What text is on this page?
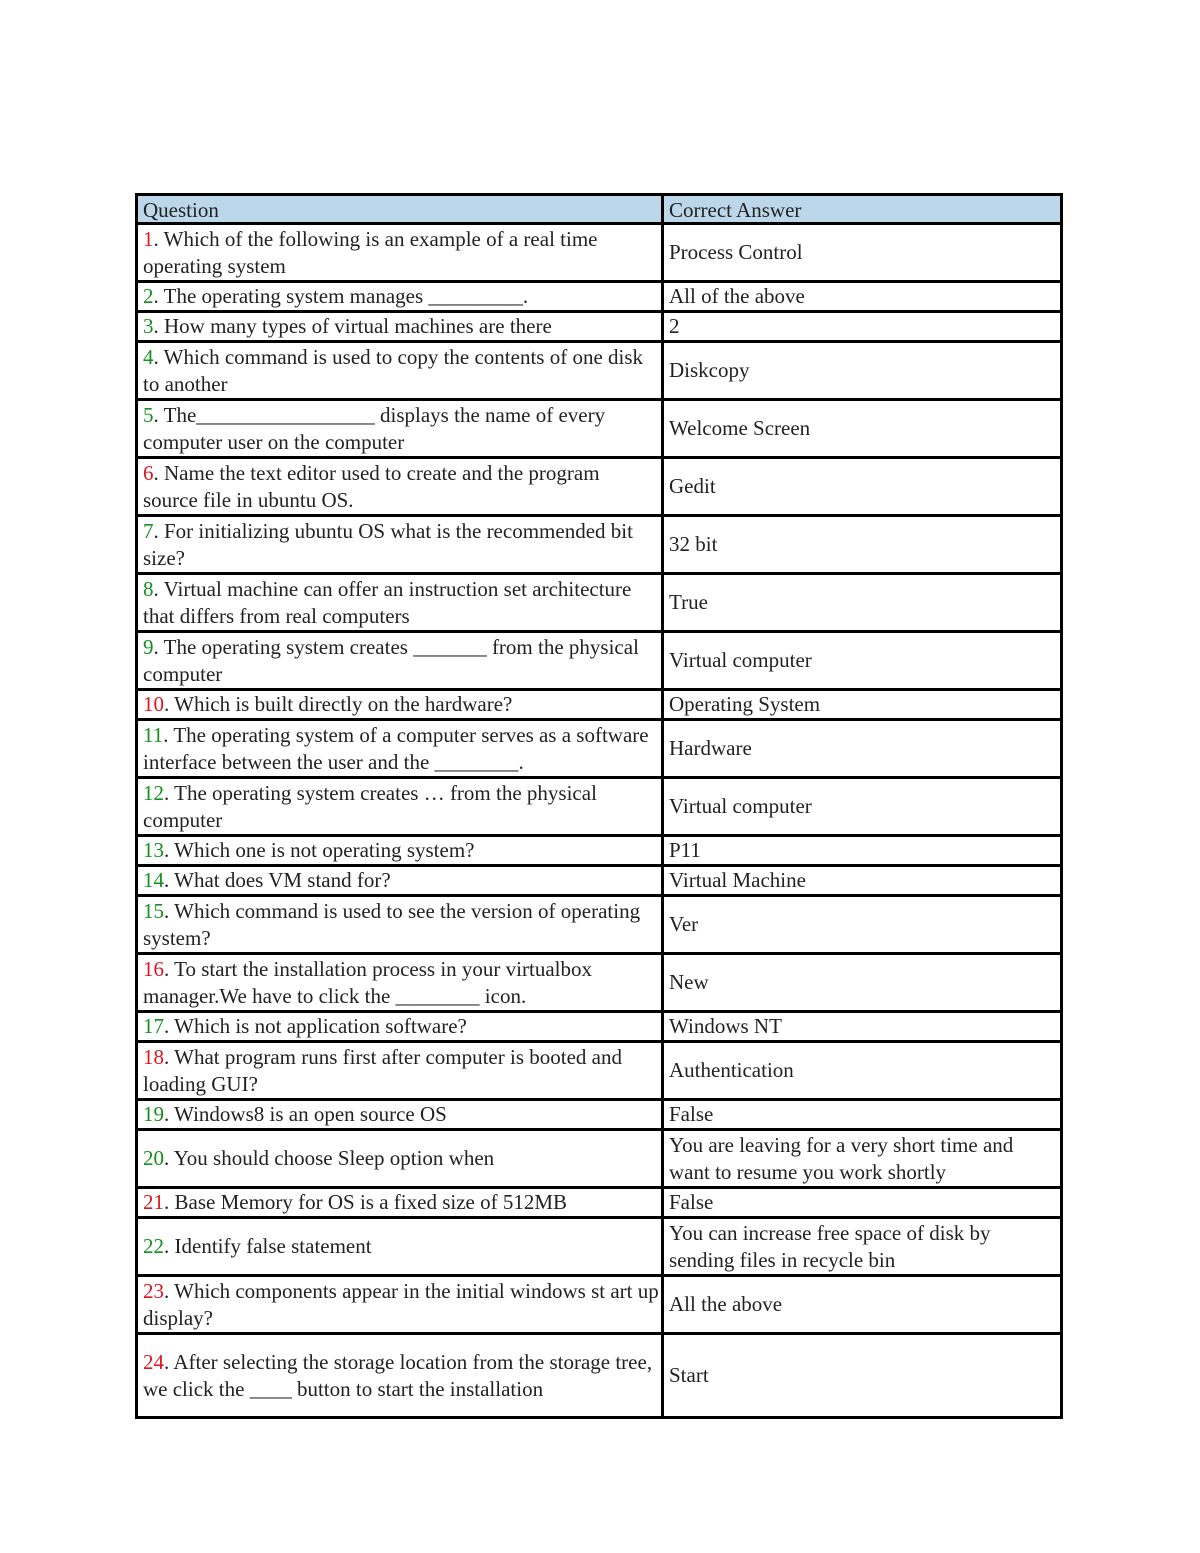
Question	Correct Answer
1. Which of the following is an example of a real time operating system	Process Control
2. The operating system manages _________.	All of the above
3. How many types of virtual machines are there	2
4. Which command is used to copy the contents of one disk to another	Diskcopy
5. The_________________ displays the name of every computer user on the computer	Welcome Screen
6. Name the text editor used to create and the program source file in ubuntu OS.	Gedit
7. For initializing ubuntu OS what is the recommended bit size?	32 bit
8. Virtual machine can offer an instruction set architecture that differs from real computers	True
9. The operating system creates _______ from the physical computer	Virtual computer
10. Which is built directly on the hardware?	Operating System
11. The operating system of a computer serves as a software interface between the user and the ________.	Hardware
12. The operating system creates … from the physical computer	Virtual computer
13. Which one is not operating system?	P11
14. What does VM stand for?	Virtual Machine
15. Which command is used to see the version of operating system?	Ver
16. To start the installation process in your virtualbox manager.We have to click the ________ icon.	New
17. Which is not application software?	Windows NT
18. What program runs first after computer is booted and loading GUI?	Authentication
19. Windows8 is an open source OS	False
20. You should choose Sleep option when	You are leaving for a very short time and want to resume you work shortly
21. Base Memory for OS is a fixed size of 512MB	False
22. Identify false statement	You can increase free space of disk by sending files in recycle bin
23. Which components appear in the initial windows st art up display?	All the above
24. After selecting the storage location from the storage tree, we click the ____ button to start the installation	Start
